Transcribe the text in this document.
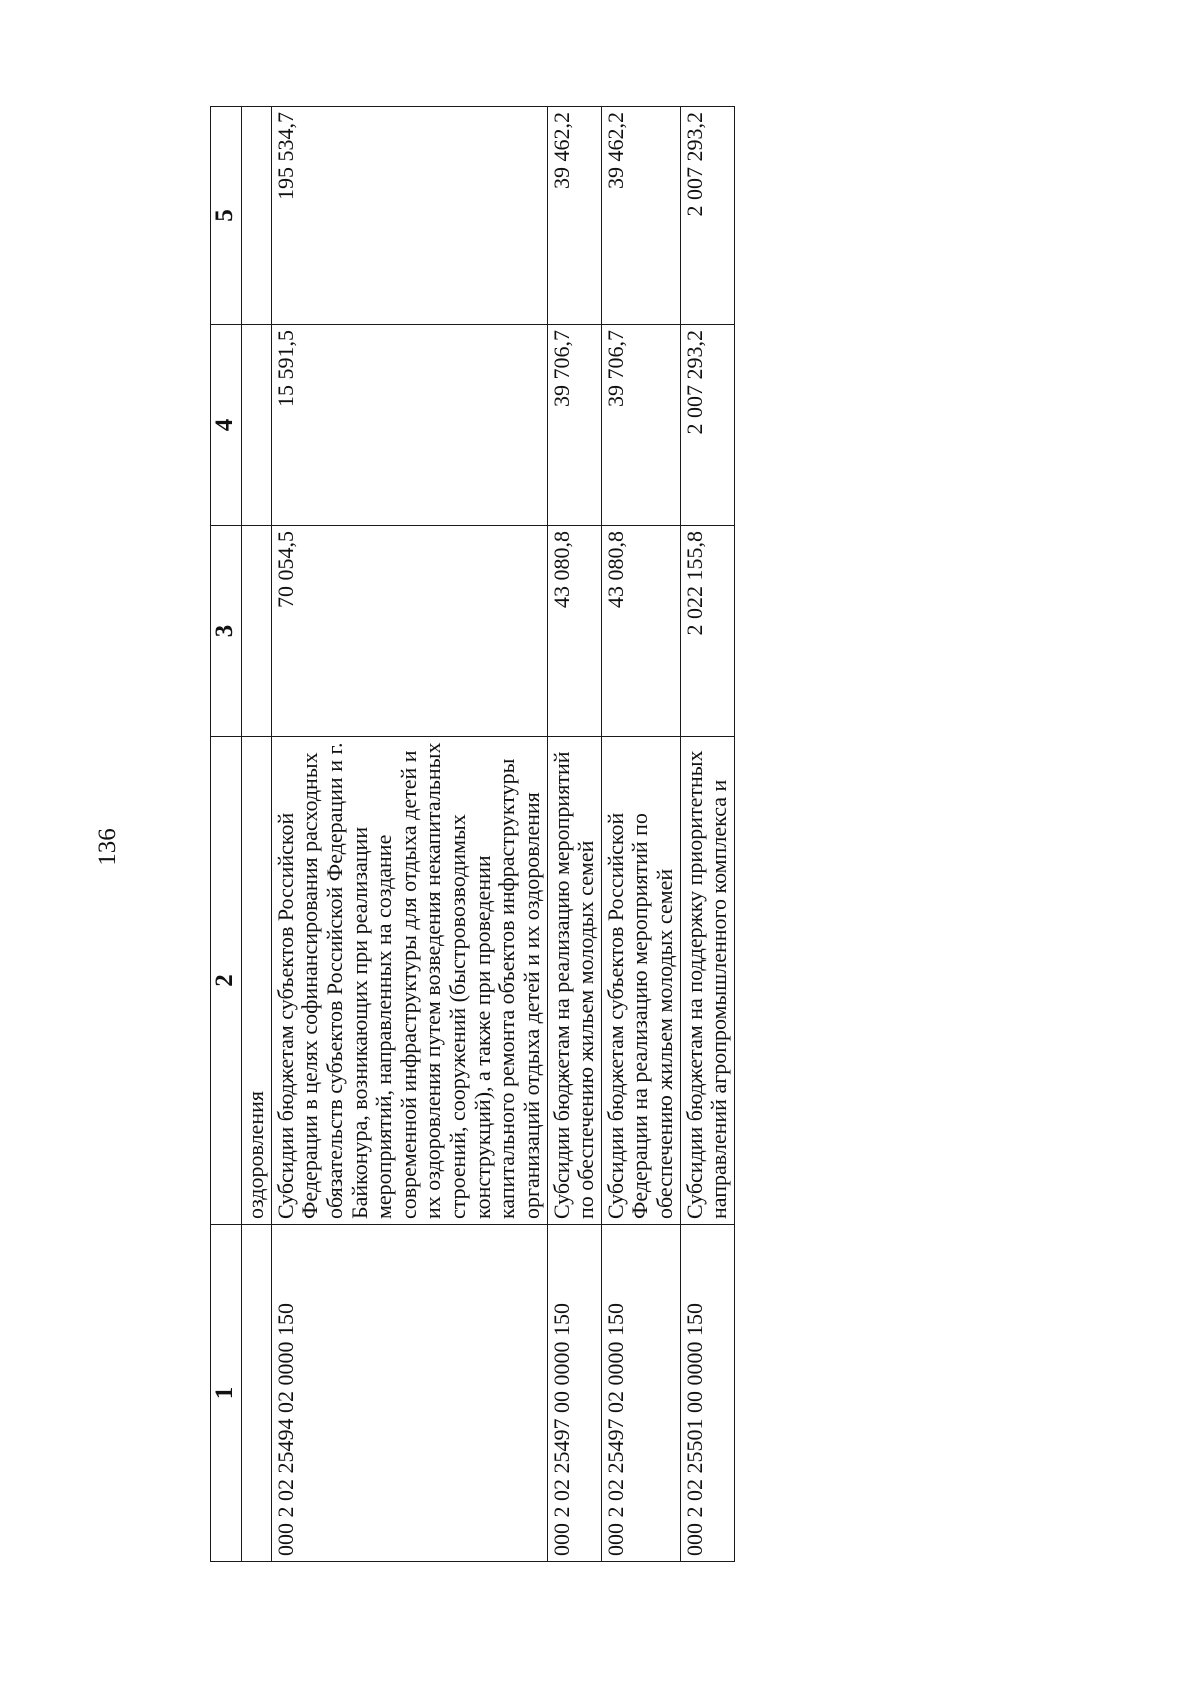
136
1	2	3	4	5
	оздоровления			
000 2 02 25494 02 0000 150	Субсидии бюджетам субъектов Российской Федерации в целях софинансирования расходных обязательств субъектов Российской Федерации и г. Байконура, возникающих при реализации мероприятий, направленных на создание современной инфраструктуры для отдыха детей и их оздоровления путем возведения некапитальных строений, сооружений (быстровозводимых конструкций), а также при проведении капитального ремонта объектов инфраструктуры организаций отдыха детей и их оздоровления	70 054,5	15 591,5	195 534,7
000 2 02 25497 00 0000 150	Субсидии бюджетам на реализацию мероприятий по обеспечению жильем молодых семей	43 080,8	39 706,7	39 462,2
000 2 02 25497 02 0000 150	Субсидии бюджетам субъектов Российской Федерации на реализацию мероприятий по обеспечению жильем молодых семей	43 080,8	39 706,7	39 462,2
000 2 02 25501 00 0000 150	Субсидии бюджетам на поддержку приоритетных направлений агропромышленного комплекса и	2 022 155,8	2 007 293,2	2 007 293,2
